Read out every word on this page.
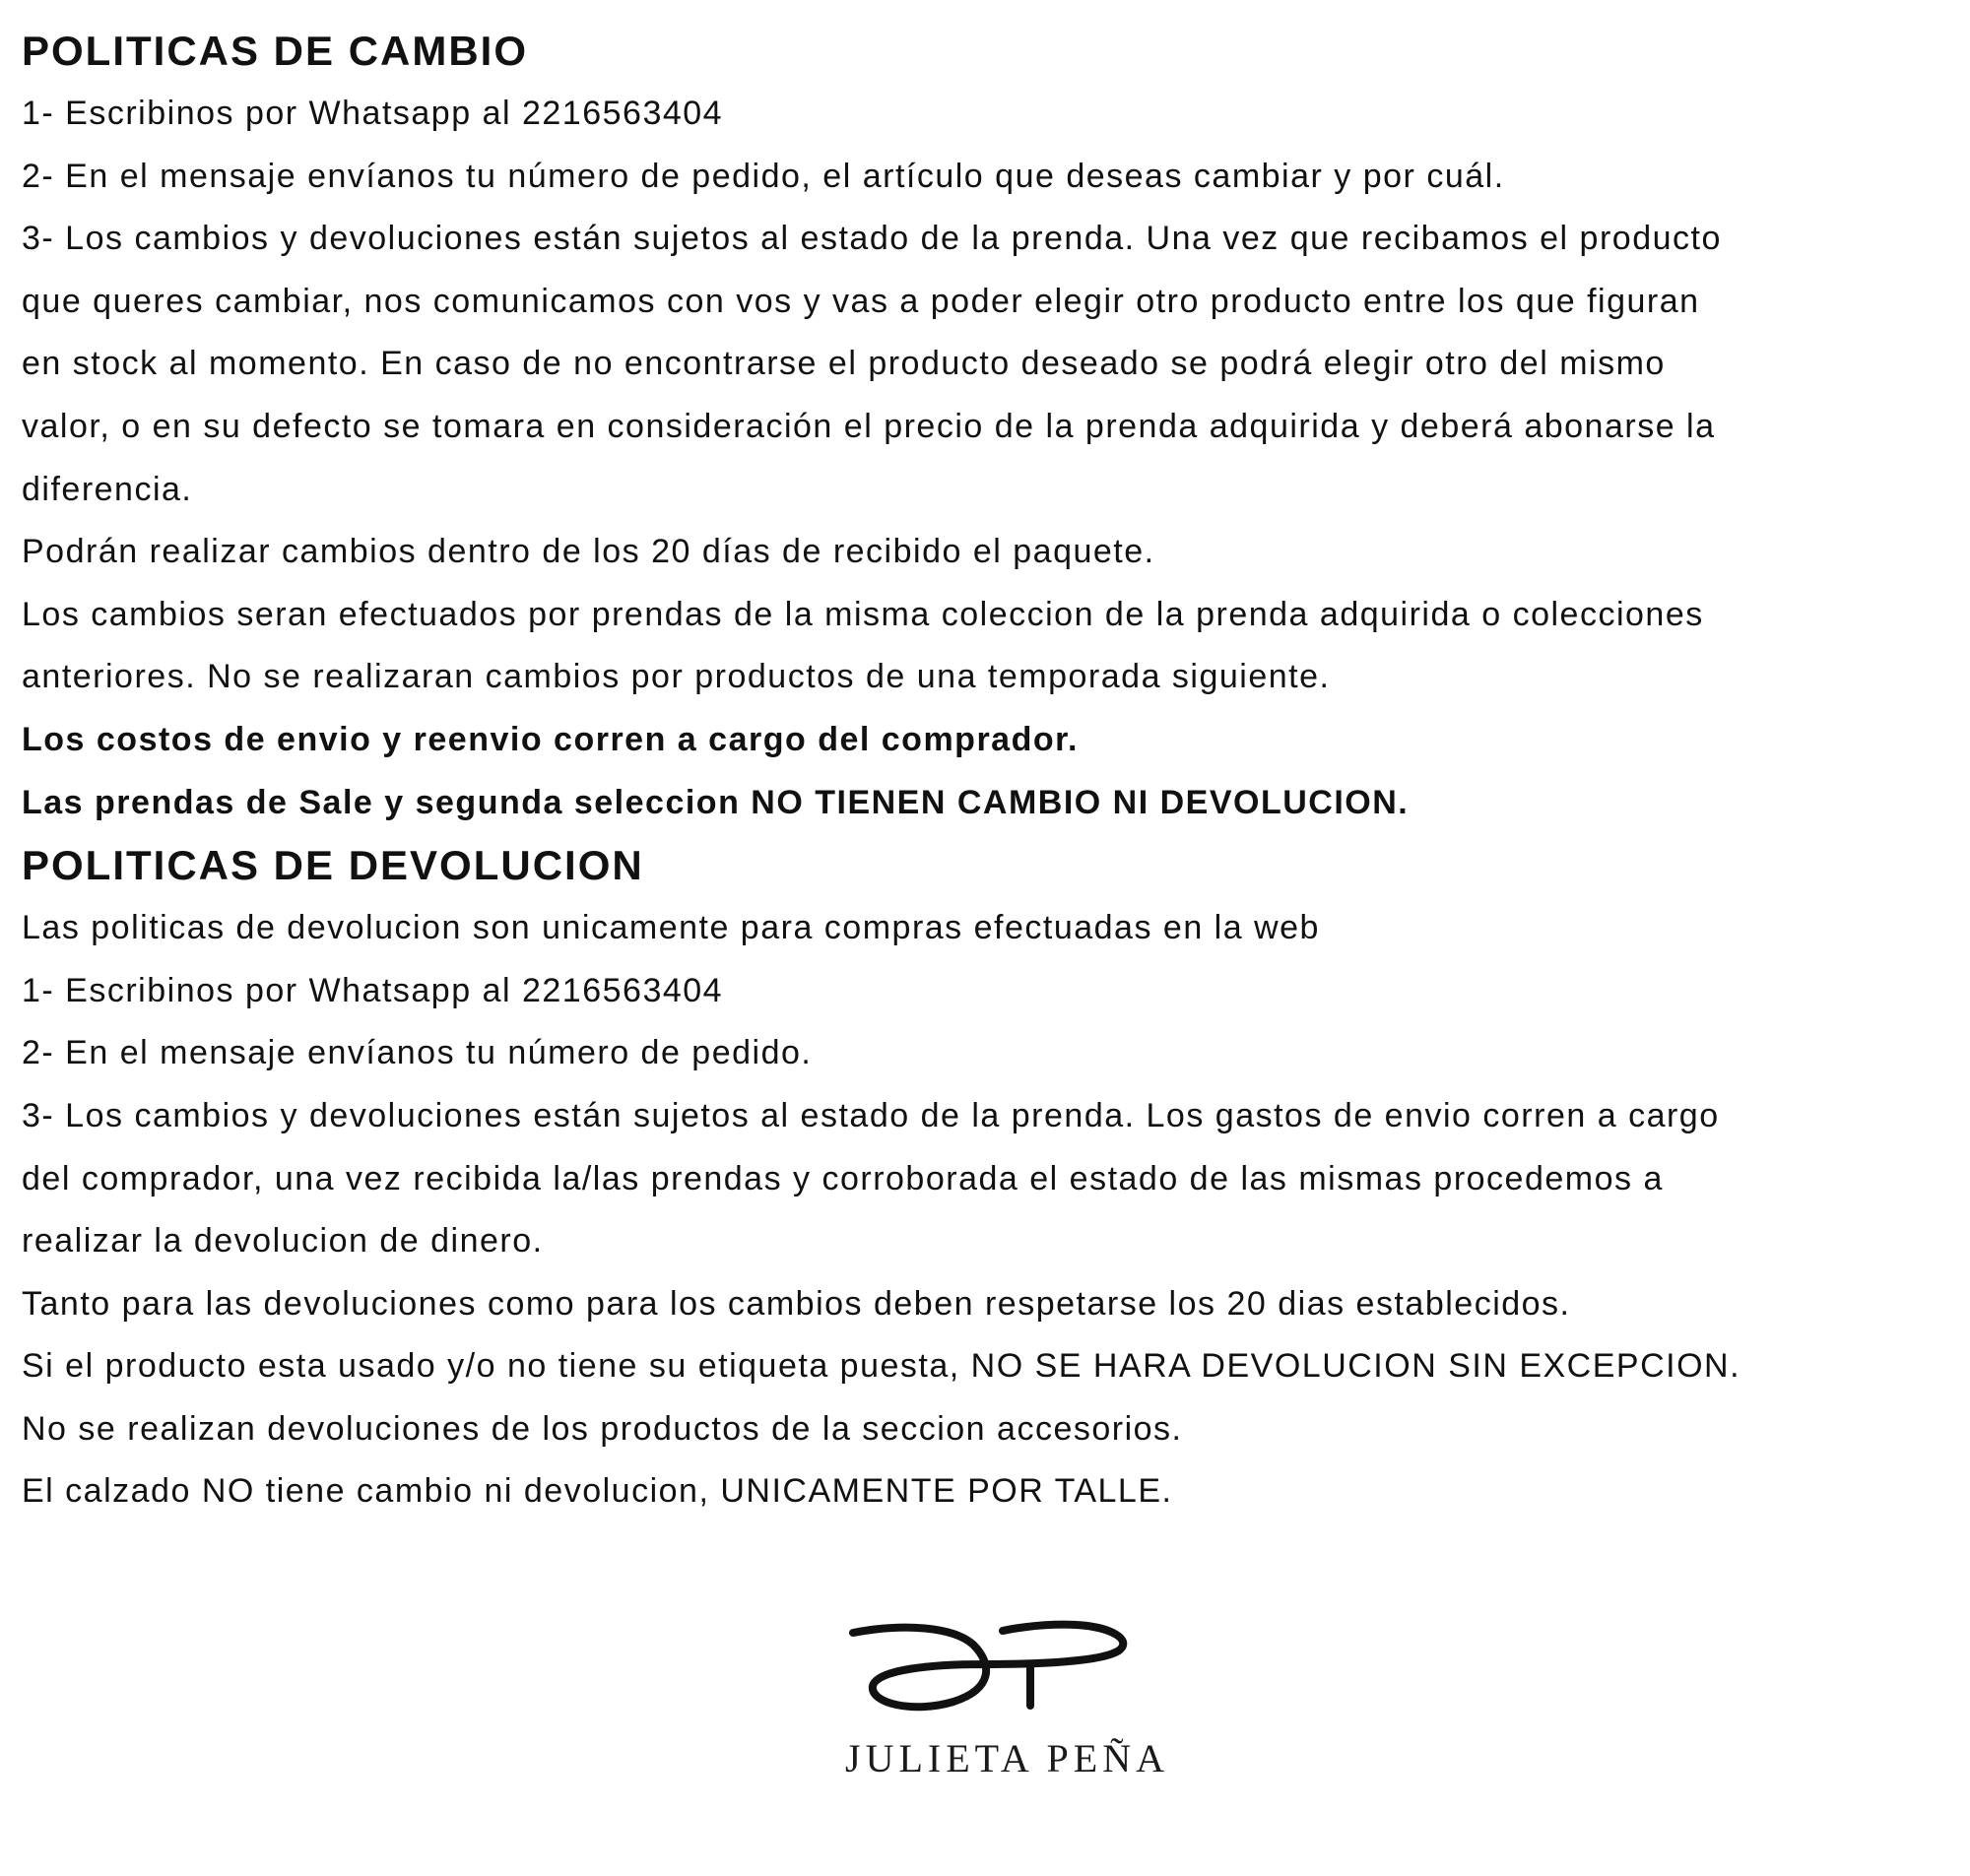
POLITICAS DE CAMBIO

1- Escribinos por Whatsapp al 2216563404

2- En el mensaje envíanos tu número de pedido, el artículo que deseas cambiar y por cuál.

3- Los cambios y devoluciones están sujetos al estado de la prenda. Una vez que recibamos el producto

que queres cambiar, nos comunicamos con vos y vas a poder elegir otro producto entre los que figuran

en stock al momento. En caso de no encontrarse el producto deseado se podrá elegir otro del mismo

valor, o en su defecto se tomara en consideración el precio de la prenda adquirida y deberá abonarse la

diferencia.

Podrán realizar cambios dentro de los 20 días de recibido el paquete.

Los cambios seran efectuados por prendas de la misma coleccion de la prenda adquirida o colecciones

anteriores. No se realizaran cambios por productos de una temporada siguiente.

Los costos de envio y reenvio corren a cargo del comprador.

Las prendas de Sale y segunda seleccion NO TIENEN CAMBIO NI DEVOLUCION.

POLITICAS DE DEVOLUCION

Las politicas de devolucion son unicamente para compras efectuadas en la web

1- Escribinos por Whatsapp al 2216563404

2- En el mensaje envíanos tu número de pedido.

3- Los cambios y devoluciones están sujetos al estado de la prenda. Los gastos de envio corren a cargo

del comprador, una vez recibida la/las prendas y corroborada el estado de las mismas procedemos a

realizar la devolucion de dinero.

Tanto para las devoluciones como para los cambios deben respetarse los 20 dias establecidos.

Si el producto esta usado y/o no tiene su etiqueta puesta, NO SE HARA DEVOLUCION SIN EXCEPCION.

No se realizan devoluciones de los productos de la seccion accesorios.

El calzado NO tiene cambio ni devolucion, UNICAMENTE POR TALLE.

JULIETA PEÑA
